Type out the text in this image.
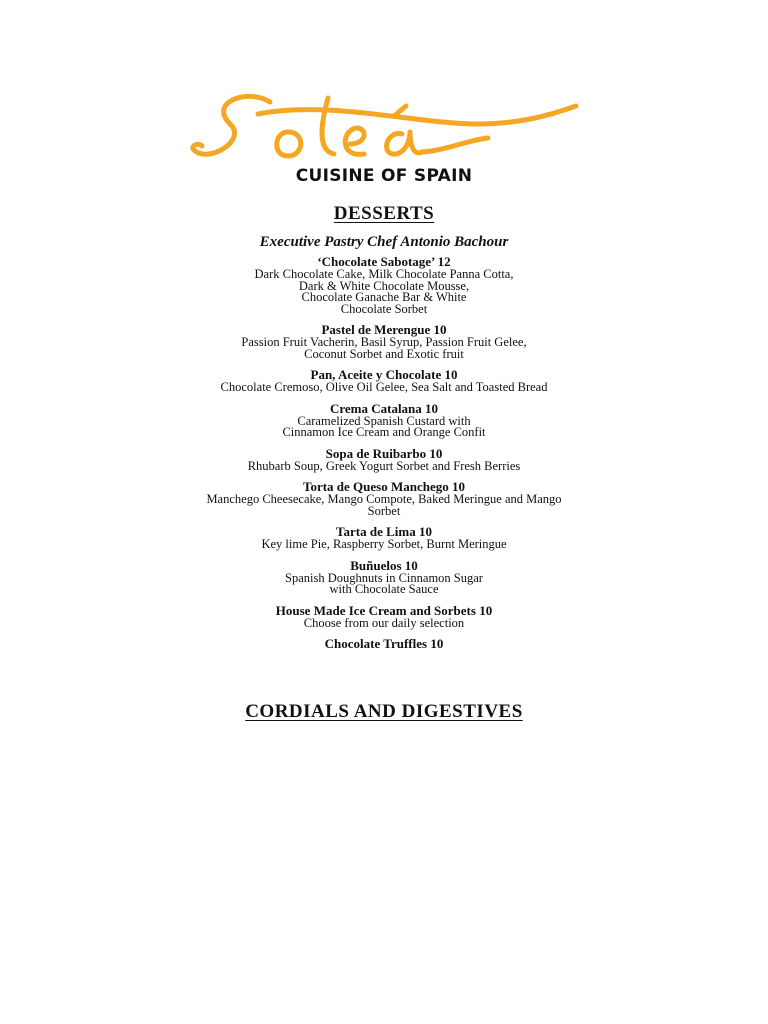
CUISINE OF SPAIN
DESSERTS
Executive Pastry Chef Antonio Bachour
‘Chocolate Sabotage’ 12
Dark Chocolate Cake, Milk Chocolate Panna Cotta,
Dark & White Chocolate Mousse,
Chocolate Ganache Bar & White
Chocolate Sorbet
Pastel de Merengue 10
Passion Fruit Vacherin, Basil Syrup, Passion Fruit Gelee,
Coconut Sorbet and Exotic fruit
Pan, Aceite y Chocolate 10
Chocolate Cremoso, Olive Oil Gelee, Sea Salt and Toasted Bread
Crema Catalana 10
Caramelized Spanish Custard with
Cinnamon Ice Cream and Orange Confit
Sopa de Ruibarbo 10
Rhubarb Soup, Greek Yogurt Sorbet and Fresh Berries
Torta de Queso Manchego 10
Manchego Cheesecake, Mango Compote, Baked Meringue and Mango
Sorbet
Tarta de Lima 10
Key lime Pie, Raspberry Sorbet, Burnt Meringue
Buñuelos 10
Spanish Doughnuts in Cinnamon Sugar
with Chocolate Sauce
House Made Ice Cream and Sorbets 10
Choose from our daily selection
Chocolate Truffles 10
CORDIALS AND DIGESTIVES
